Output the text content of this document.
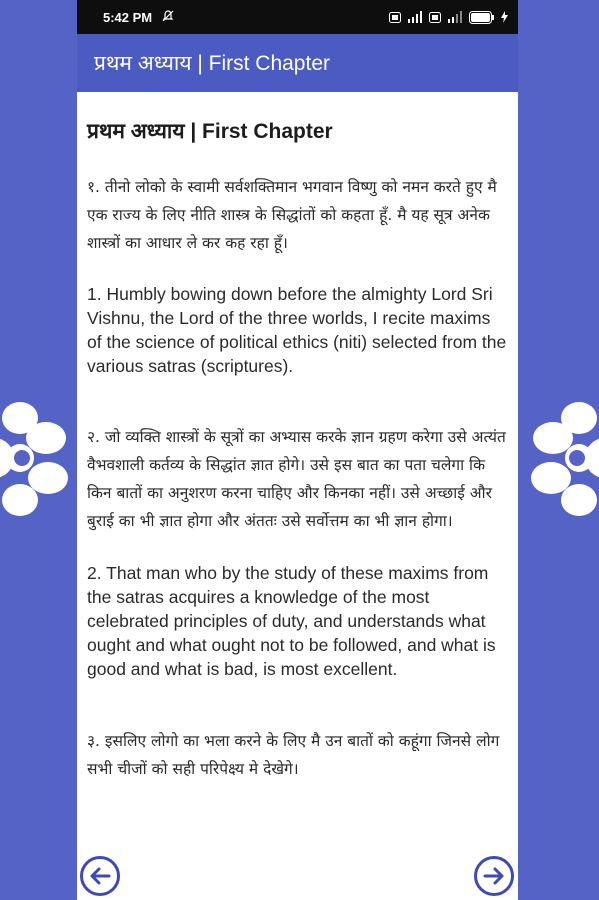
5:42 PM
प्रथम अध्याय | First Chapter
प्रथम अध्याय | First Chapter

१. तीनो लोको के स्वामी सर्वशक्तिमान भगवान विष्णु को नमन करते हुए मै एक राज्य के लिए नीति शास्त्र के सिद्धांतों को कहता हूँ. मै यह सूत्र अनेक शास्त्रों का आधार ले कर कह रहा हूँ।

1. Humbly bowing down before the almighty Lord Sri Vishnu, the Lord of the three worlds, I recite maxims of the science of political ethics (niti) selected from the various satras (scriptures).

२. जो व्यक्ति शास्त्रों के सूत्रों का अभ्यास करके ज्ञान ग्रहण करेगा उसे अत्यंत वैभवशाली कर्तव्य के सिद्धांत ज्ञात होगे। उसे इस बात का पता चलेगा कि किन बातों का अनुशरण करना चाहिए और किनका नहीं। उसे अच्छाई और बुराई का भी ज्ञात होगा और अंततः उसे सर्वोत्तम का भी ज्ञान होगा।

2. That man who by the study of these maxims from the satras acquires a knowledge of the most celebrated principles of duty, and understands what ought and what ought not to be followed, and what is good and what is bad, is most excellent.

३. इसलिए लोगो का भला करने के लिए मै उन बातों को कहूंगा जिनसे लोग सभी चीजों को सही परिपेक्ष्य मे देखेगे।
